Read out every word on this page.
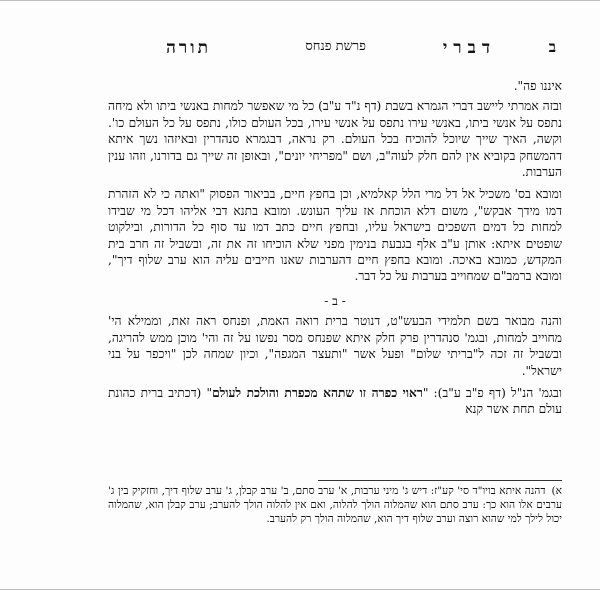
ב
דברי
פרשת פנחס
תורה

איננו פה".

ובזה אמרתי ליישב דברי הגמרא בשבת (דף נ"ד ע"ב) כל מי שאפשר למחות באנשי ביתו ולא מיחה נתפס על אנשי ביתו, באנשי עירו נתפס על אנשי עירו, בכל העולם כולו, נתפס על כל העולם כו'. וקשה, האיך שייך שיוכל להוכיח בכל העולם. רק נראה, דבגמרא סנהדרין ובאיזהו נשך איתא דהמשחק בקוביא אין להם חלק לעוה"ב, ושם "מפריחי יונים", ובאופן זה שייך גם בדורנו, וזהו ענין הערבות.

ומובא בס' משכיל אל דל מרי הלל קאלמיא, וכן בחפץ חיים, בביאור הפסוק "ואתה כי לא הזהרת דמו מידך אבקש", משום דלא הוכחת אז עליך העונש. ומובא בתנא דבי אליהו דכל מי שבידו למחות כל דמים השפכים בישראל עליו, ובחפץ חיים כתב דמו עד סוף כל הדורות, ובילקוט שופטים איתא: אותן ע"ב אלף בגבעת בנימין מפני שלא הוכיחו זה את זה, ובשביל זה חרב בית המקדש, כמובא באיכה. ומובא בחפץ חיים דהערבות שאנו חייבים עליה הוא ערב שלוף דיך", ומובא ברמב"ם שמחוייב בערבות על כל דבר.

- ב -

והנה מבואר בשם תלמידי הבעש"ט, דנוטר ברית רואה האמת, ופנחס ראה זאת, וממילא הי' מחוייב למחות, ובגמ' סנהדרין פרק חלק איתא שפנחס מסר נפשו על זה והי' מוכן ממש להריגה, ובשביל זה זכה ל"בריתי שלום" ופעל אשר "ותעצר המגפה", וכיון שמחה לכן "ויכפר על בני ישראל".

ובגמ' הנ"ל (דף פ"ב ע"ב): "ראוי כפרה זו שתהא מכפרת והולכת לעולם" (דכתיב ברית כהונת עולם תחת אשר קנא

א)דהנה איתא בויו"ד סי' קע"ז: דיש ג' מיני ערבות, א' ערב סתם, ב' ערב קבלן, ג' ערב שלוף דיך, וחזקיק בין ג' ערבים אלו הוא כך: ערב סתם הוא שהמלוה הולך להלוה, ואם אין להלוה הולך להערב; ערב קבלן הוא, שהמלוה יכול לילך למי שהוא רוצה וערב שלוף דיך הוא, שהמלוה הולך רק להערב.
